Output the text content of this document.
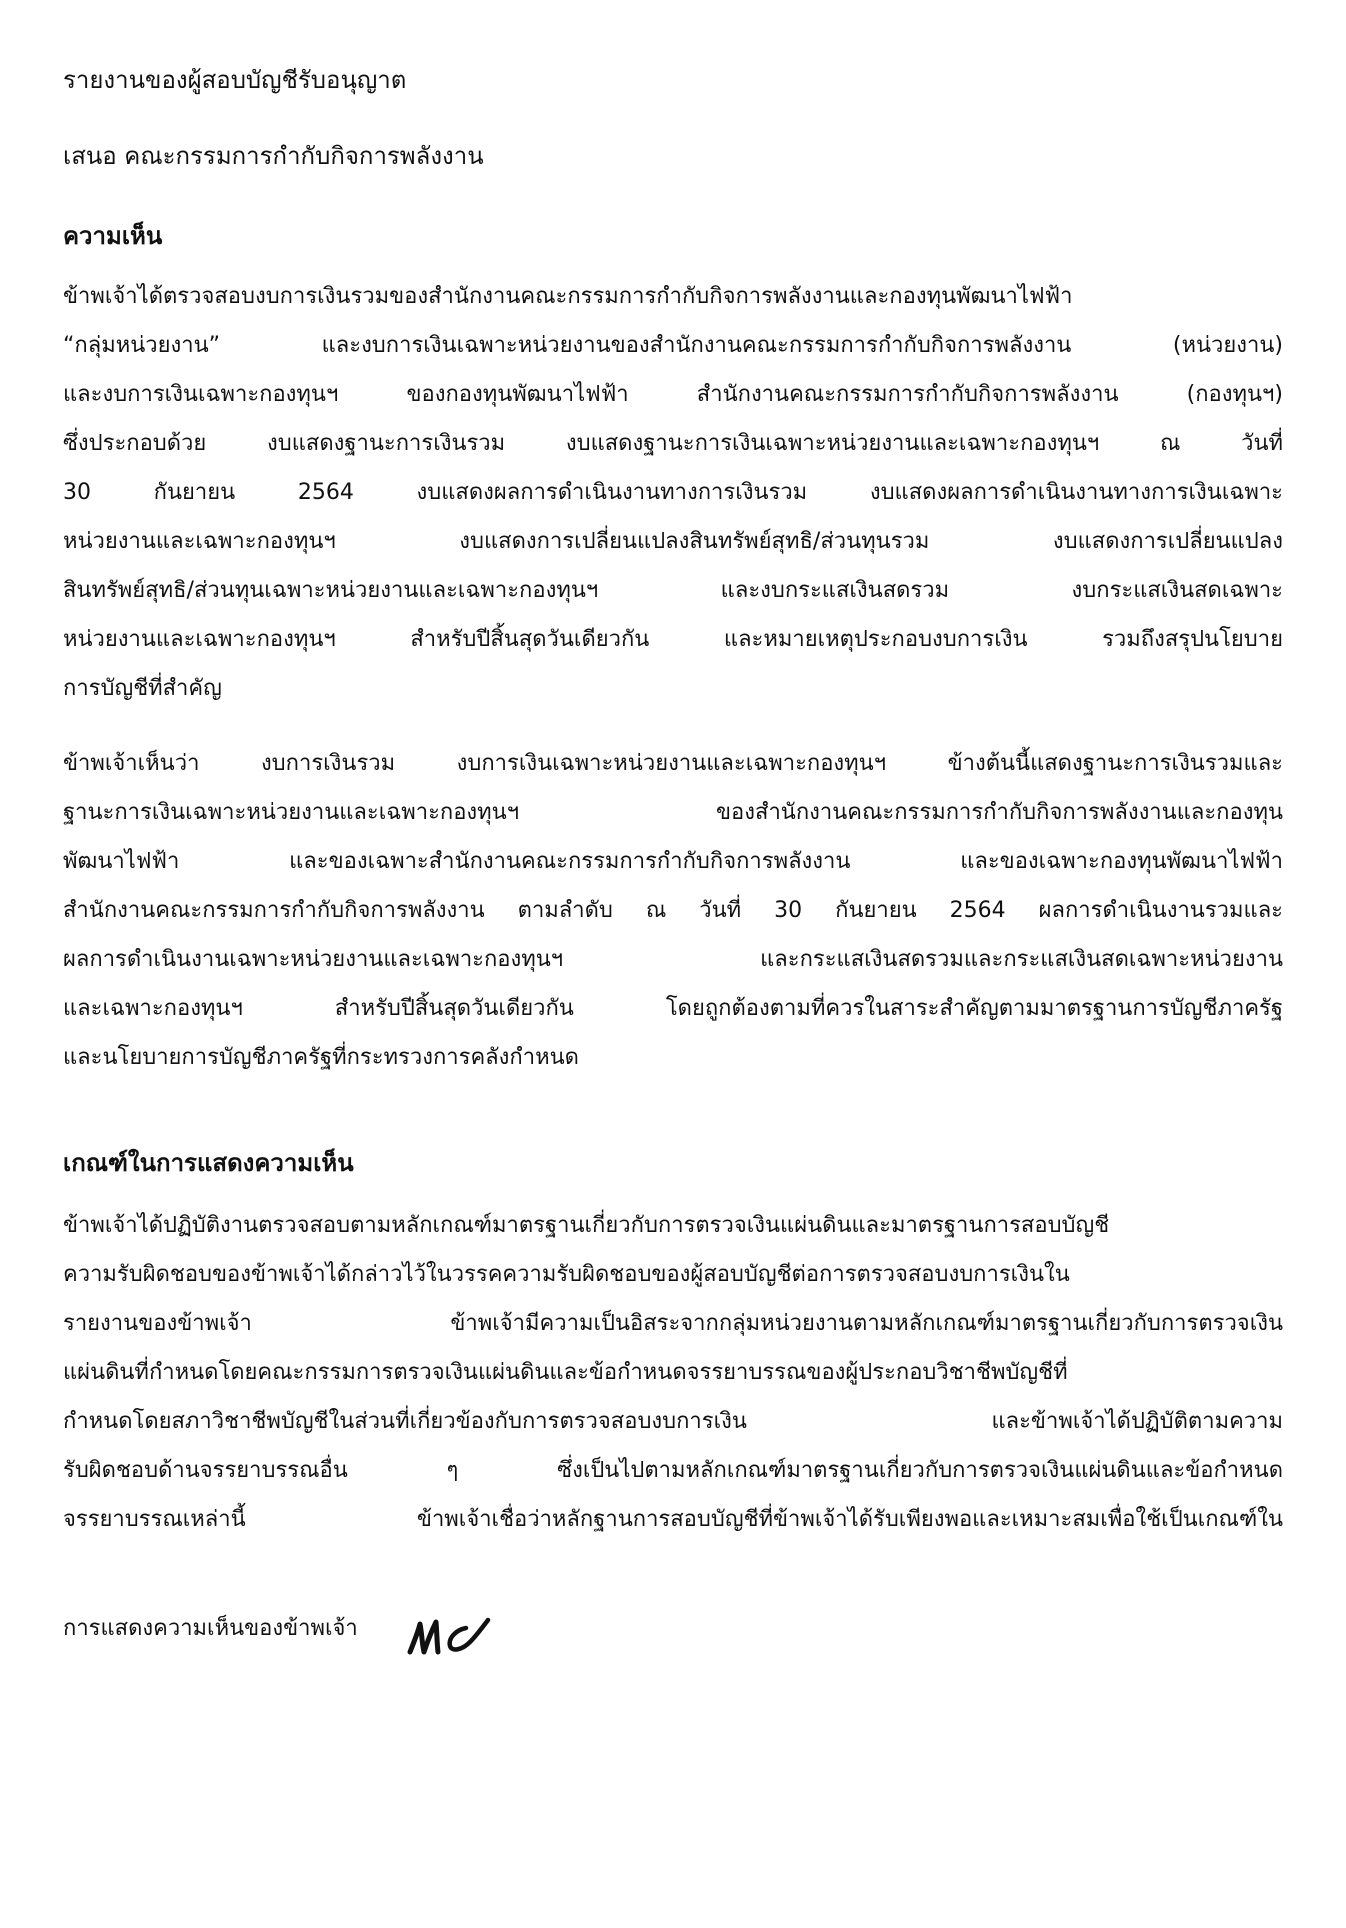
รายงานของผู้สอบบัญชีรับอนุญาต
เสนอ คณะกรรมการกำกับกิจการพลังงาน
ความเห็น
ข้าพเจ้าได้ตรวจสอบงบการเงินรวมของสำนักงานคณะกรรมการกำกับกิจการพลังงานและกองทุนพัฒนาไฟฟ้า
“กลุ่มหน่วยงาน” และงบการเงินเฉพาะหน่วยงานของสำนักงานคณะกรรมการกำกับกิจการพลังงาน (หน่วยงาน)
และงบการเงินเฉพาะกองทุนฯ ของกองทุนพัฒนาไฟฟ้า สำนักงานคณะกรรมการกำกับกิจการพลังงาน (กองทุนฯ)
ซึ่งประกอบด้วย งบแสดงฐานะการเงินรวม งบแสดงฐานะการเงินเฉพาะหน่วยงานและเฉพาะกองทุนฯ ณ วันที่
30 กันยายน 2564 งบแสดงผลการดำเนินงานทางการเงินรวม งบแสดงผลการดำเนินงานทางการเงินเฉพาะ
หน่วยงานและเฉพาะกองทุนฯ งบแสดงการเปลี่ยนแปลงสินทรัพย์สุทธิ/ส่วนทุนรวม งบแสดงการเปลี่ยนแปลง
สินทรัพย์สุทธิ/ส่วนทุนเฉพาะหน่วยงานและเฉพาะกองทุนฯ และงบกระแสเงินสดรวม งบกระแสเงินสดเฉพาะ
หน่วยงานและเฉพาะกองทุนฯ สำหรับปีสิ้นสุดวันเดียวกัน และหมายเหตุประกอบงบการเงิน รวมถึงสรุปนโยบาย
การบัญชีที่สำคัญ
ข้าพเจ้าเห็นว่า งบการเงินรวม งบการเงินเฉพาะหน่วยงานและเฉพาะกองทุนฯ ข้างต้นนี้แสดงฐานะการเงินรวมและ
ฐานะการเงินเฉพาะหน่วยงานและเฉพาะกองทุนฯ ของสำนักงานคณะกรรมการกำกับกิจการพลังงานและกองทุน
พัฒนาไฟฟ้า และของเฉพาะสำนักงานคณะกรรมการกำกับกิจการพลังงาน และของเฉพาะกองทุนพัฒนาไฟฟ้า
สำนักงานคณะกรรมการกำกับกิจการพลังงาน ตามลำดับ ณ วันที่ 30 กันยายน 2564 ผลการดำเนินงานรวมและ
ผลการดำเนินงานเฉพาะหน่วยงานและเฉพาะกองทุนฯ และกระแสเงินสดรวมและกระแสเงินสดเฉพาะหน่วยงาน
และเฉพาะกองทุนฯ สำหรับปีสิ้นสุดวันเดียวกัน โดยถูกต้องตามที่ควรในสาระสำคัญตามมาตรฐานการบัญชีภาครัฐ
และนโยบายการบัญชีภาครัฐที่กระทรวงการคลังกำหนด
เกณฑ์ในการแสดงความเห็น
ข้าพเจ้าได้ปฏิบัติงานตรวจสอบตามหลักเกณฑ์มาตรฐานเกี่ยวกับการตรวจเงินแผ่นดินและมาตรฐานการสอบบัญชี
ความรับผิดชอบของข้าพเจ้าได้กล่าวไว้ในวรรคความรับผิดชอบของผู้สอบบัญชีต่อการตรวจสอบงบการเงินใน
รายงานของข้าพเจ้า ข้าพเจ้ามีความเป็นอิสระจากกลุ่มหน่วยงานตามหลักเกณฑ์มาตรฐานเกี่ยวกับการตรวจเงิน
แผ่นดินที่กำหนดโดยคณะกรรมการตรวจเงินแผ่นดินและข้อกำหนดจรรยาบรรณของผู้ประกอบวิชาชีพบัญชีที่
กำหนดโดยสภาวิชาชีพบัญชีในส่วนที่เกี่ยวข้องกับการตรวจสอบงบการเงิน และข้าพเจ้าได้ปฏิบัติตามความ
รับผิดชอบด้านจรรยาบรรณอื่น ๆ ซึ่งเป็นไปตามหลักเกณฑ์มาตรฐานเกี่ยวกับการตรวจเงินแผ่นดินและข้อกำหนด
จรรยาบรรณเหล่านี้ ข้าพเจ้าเชื่อว่าหลักฐานการสอบบัญชีที่ข้าพเจ้าได้รับเพียงพอและเหมาะสมเพื่อใช้เป็นเกณฑ์ใน
การแสดงความเห็นของข้าพเจ้า
